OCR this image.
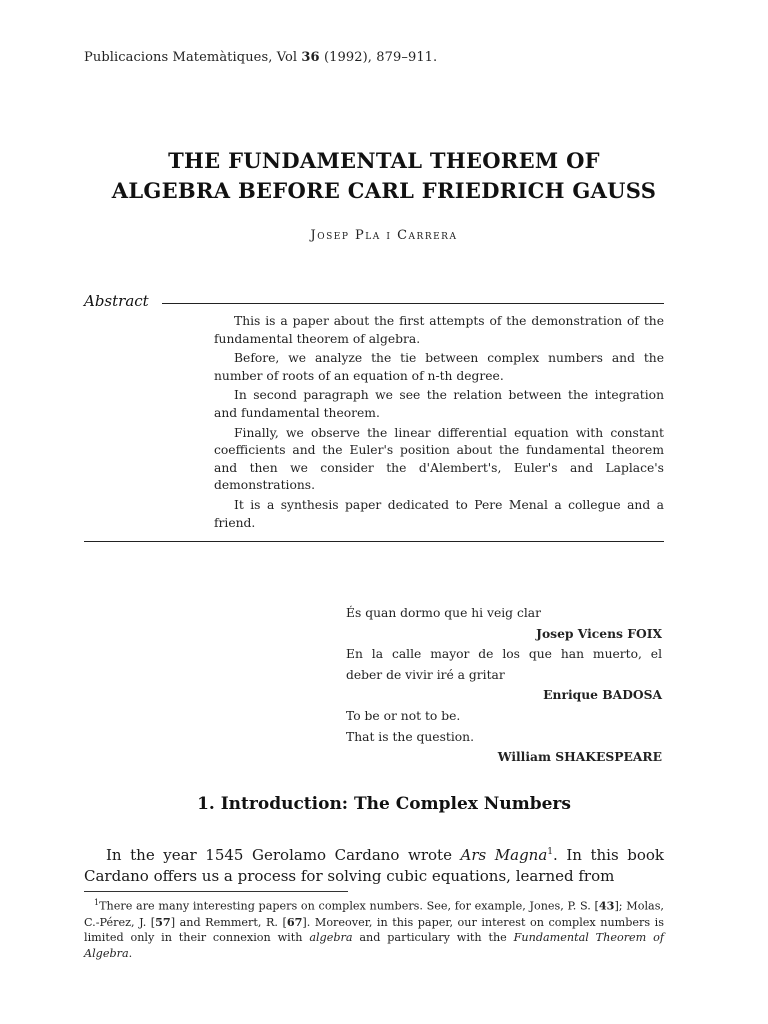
Publicacions Matemàtiques, Vol 36 (1992), 879–911.
THE FUNDAMENTAL THEOREM OF
ALGEBRA BEFORE CARL FRIEDRICH GAUSS
Josep Pla i Carrera
Abstract

This is a paper about the first attempts of the demonstration of the fundamental theorem of algebra.

Before, we analyze the tie between complex numbers and the number of roots of an equation of n-th degree.

In second paragraph we see the relation between the integration and fundamental theorem.

Finally, we observe the linear differential equation with constant coefficients and the Euler's position about the fundamental theorem and then we consider the d'Alembert's, Euler's and Laplace's demonstrations.

It is a synthesis paper dedicated to Pere Menal a collegue and a friend.

És quan dormo que hi veig clar
Josep Vicens FOIX
En la calle mayor de los que han muerto, el
deber de vivir iré a gritar
Enrique BADOSA
To be or not to be.
That is the question.
William SHAKESPEARE
1. Introduction: The Complex Numbers

In the year 1545 Gerolamo Cardano wrote Ars Magna$^1$. In this book Cardano offers us a process for solving cubic equations, learned from

$^1$There are many interesting papers on complex numbers. See, for example, Jones, P. S. [43]; Molas, C.-Pérez, J. [57] and Remmert, R. [67]. Moreover, in this paper, our interest on complex numbers is limited only in their connexion with algebra and particulary with the Fundamental Theorem of Algebra.
